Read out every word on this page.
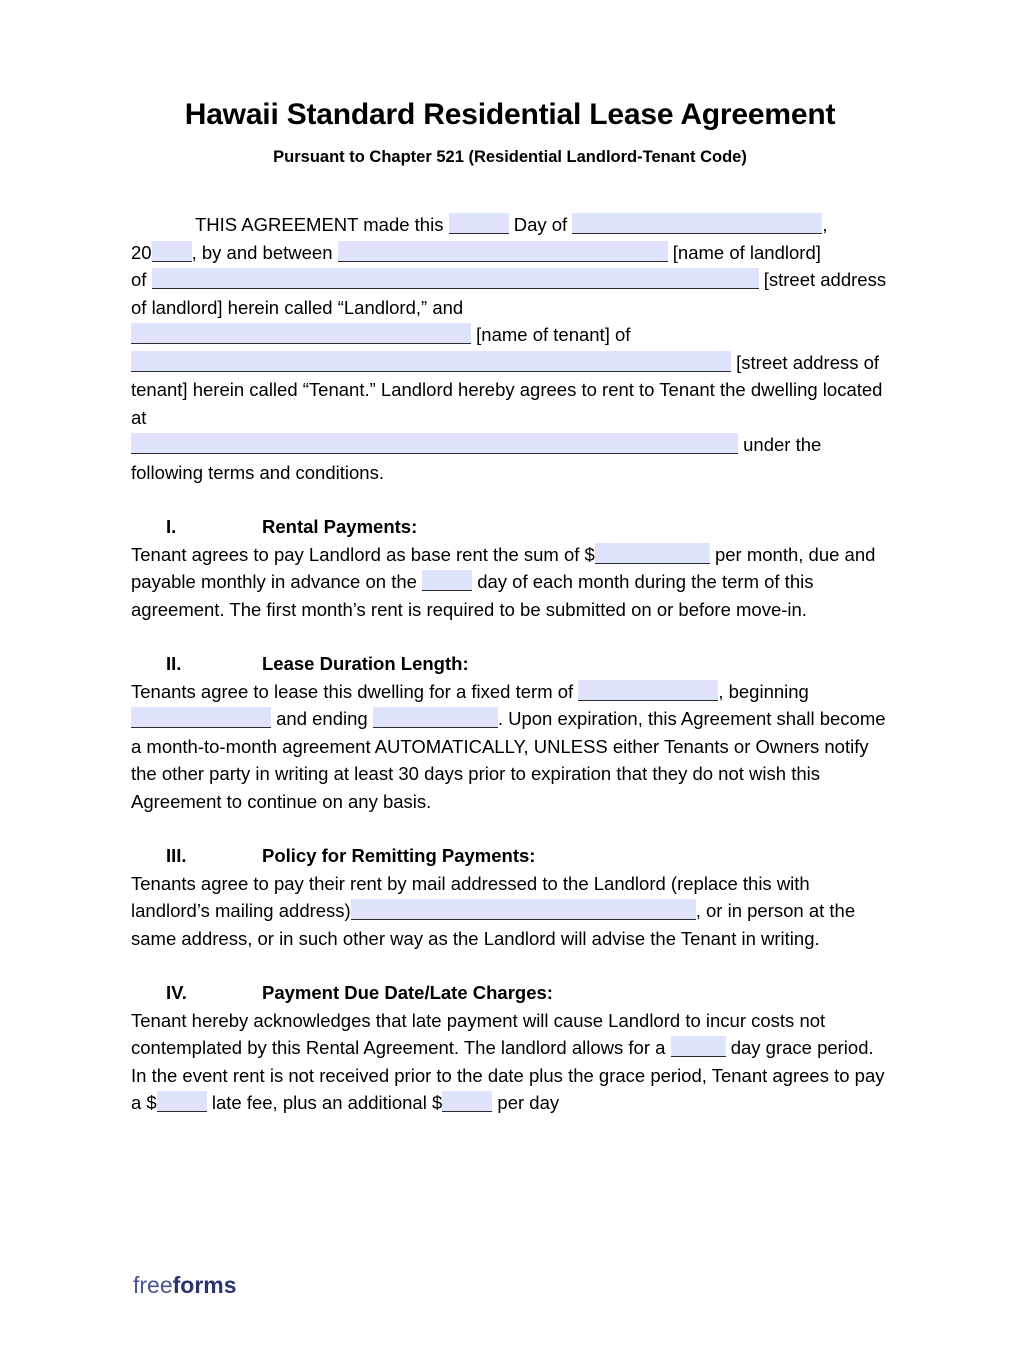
Hawaii Standard Residential Lease Agreement
Pursuant to Chapter 521 (Residential Landlord-Tenant Code)

THIS AGREEMENT made this	Day of	,
20 , by and between	[name of landlord]
of	[street address of landlord] herein called “Landlord,” and
[name of tenant] of
[street address of tenant] herein called “Tenant.” Landlord hereby agrees to rent to Tenant the dwelling located at
under the following terms and conditions.

I.	Rental Payments:

Tenant agrees to pay Landlord as base rent the sum of $	per month, due and payable monthly in advance on the	day of each month during the term of this agreement. The first month’s rent is required to be submitted on or before move-in.

II.	Lease Duration Length:

Tenants agree to lease this dwelling for a fixed term of	, beginning
and ending	. Upon expiration, this Agreement shall become a month-to-month agreement AUTOMATICALLY, UNLESS either Tenants or Owners notify the other party in writing at least 30 days prior to expiration that they do not wish this Agreement to continue on any basis.

III.	Policy for Remitting Payments:

Tenants agree to pay their rent by mail addressed to the Landlord (replace this with landlord’s mailing address)	, or in person at the same address, or in such other way as the Landlord will advise the Tenant in writing.

IV.	Payment Due Date/Late Charges:

Tenant hereby acknowledges that late payment will cause Landlord to incur costs not contemplated by this Rental Agreement. The landlord allows for a	day grace period. In the event rent is not received prior to the date plus the grace period, Tenant agrees to pay a $	late fee, plus an additional $	per day

freeforms
